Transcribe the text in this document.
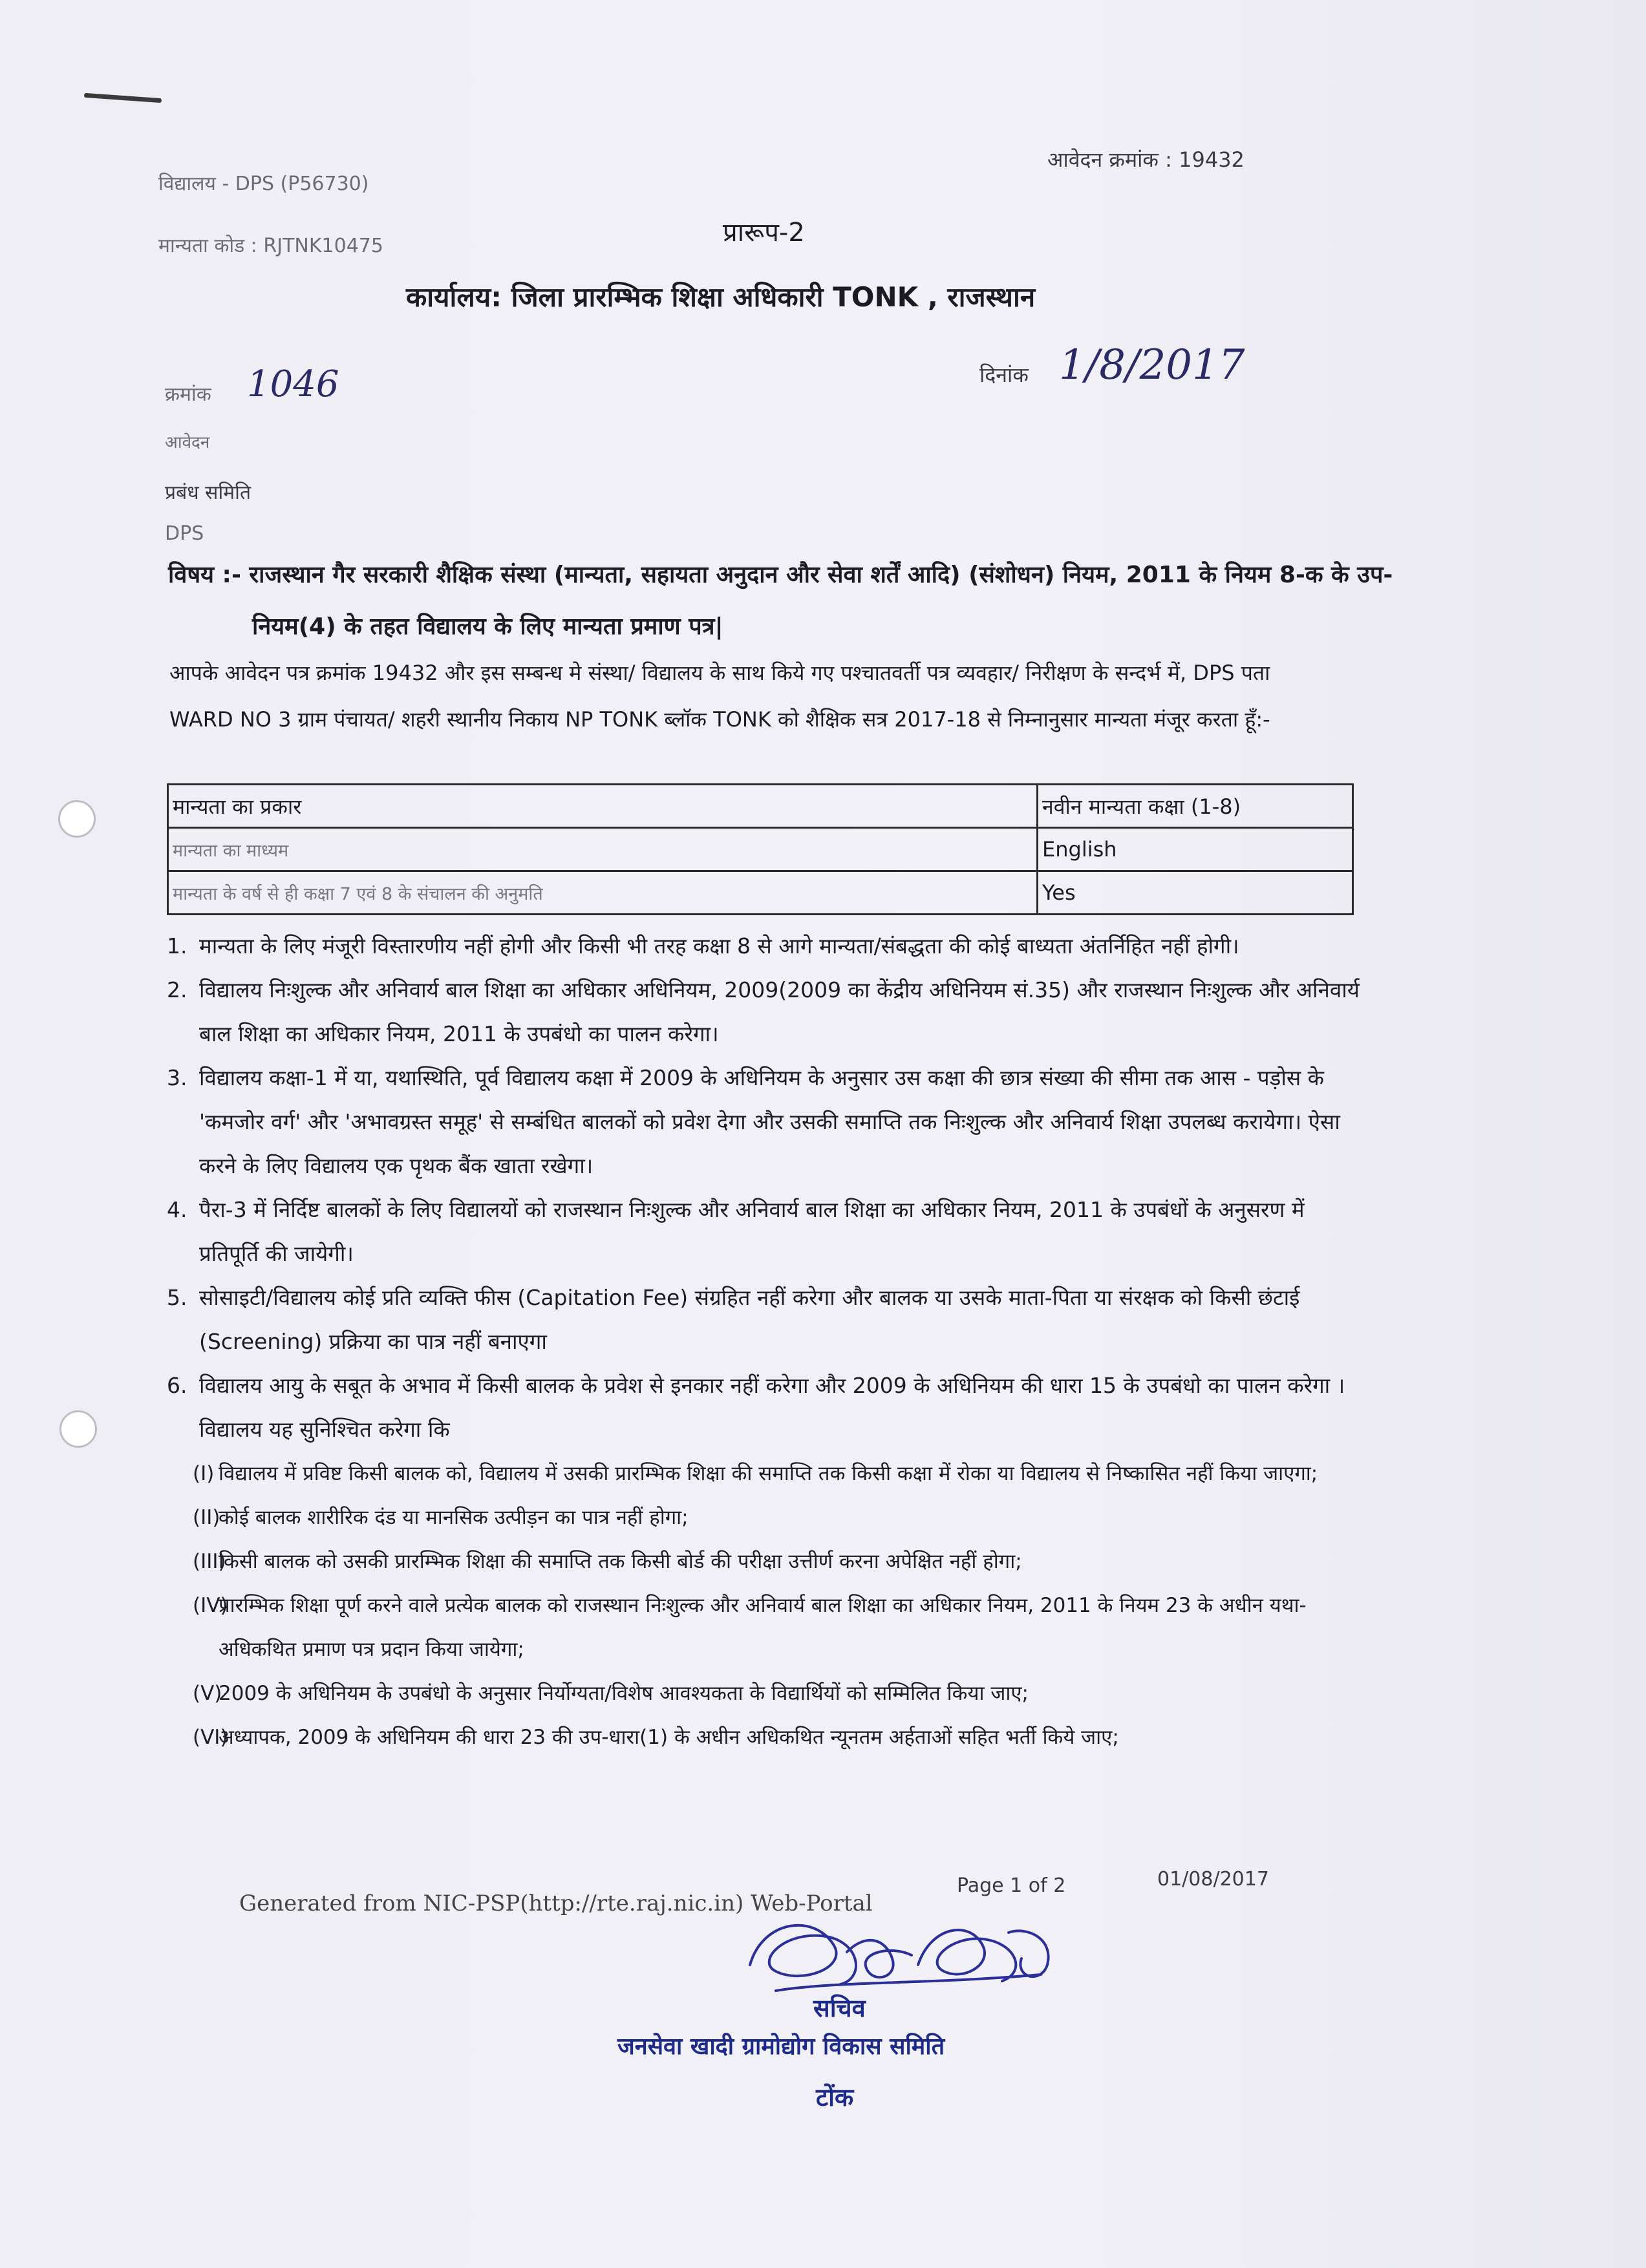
आवेदन क्रमांक : 19432
विद्यालय - DPS (P56730)
मान्यता कोड : RJTNK10475	प्रारूप-2
कार्यालय: जिला प्रारम्भिक शिक्षा अधिकारी TONK , राजस्थान
क्रमांक 1046	दिनांक 1/8/2017
आवेदन
प्रबंध समिति
DPS
विषय :- राजस्थान गैर सरकारी शैक्षिक संस्था (मान्यता, सहायता अनुदान और सेवा शर्तें आदि) (संशोधन) नियम, 2011 के नियम 8-क के उप- नियम(4) के तहत विद्यालय के लिए मान्यता प्रमाण पत्र|
आपके आवेदन पत्र क्रमांक 19432 और इस सम्बन्ध मे संस्था/ विद्यालय के साथ किये गए पश्चातवर्ती पत्र व्यवहार/ निरीक्षण के सन्दर्भ में, DPS पता WARD NO 3 ग्राम पंचायत/ शहरी स्थानीय निकाय NP TONK ब्लॉक TONK को शैक्षिक सत्र 2017-18 से निम्नानुसार मान्यता मंजूर करता हूँ:-
मान्यता का प्रकार	नवीन मान्यता कक्षा (1-8)
मान्यता का माध्यम	English
मान्यता के वर्ष से ही कक्षा 7 एवं 8 के संचालन की अनुमति	Yes
1. मान्यता के लिए मंजूरी विस्तारणीय नहीं होगी और किसी भी तरह कक्षा 8 से आगे मान्यता/संबद्धता की कोई बाध्यता अंतर्निहित नहीं होगी।
2. विद्यालय निःशुल्क और अनिवार्य बाल शिक्षा का अधिकार अधिनियम, 2009(2009 का केंद्रीय अधिनियम सं.35) और राजस्थान निःशुल्क और अनिवार्य बाल शिक्षा का अधिकार नियम, 2011 के उपबंधो का पालन करेगा।
3. विद्यालय कक्षा-1 में या, यथास्थिति, पूर्व विद्यालय कक्षा में 2009 के अधिनियम के अनुसार उस कक्षा की छात्र संख्या की सीमा तक आस - पड़ोस के 'कमजोर वर्ग' और 'अभावग्रस्त समूह' से सम्बंधित बालकों को प्रवेश देगा और उसकी समाप्ति तक निःशुल्क और अनिवार्य शिक्षा उपलब्ध करायेगा। ऐसा करने के लिए विद्यालय एक पृथक बैंक खाता रखेगा।
4. पैरा-3 में निर्दिष्ट बालकों के लिए विद्यालयों को राजस्थान निःशुल्क और अनिवार्य बाल शिक्षा का अधिकार नियम, 2011 के उपबंधों के अनुसरण में प्रतिपूर्ति की जायेगी।
5. सोसाइटी/विद्यालय कोई प्रति व्यक्ति फीस (Capitation Fee) संग्रहित नहीं करेगा और बालक या उसके माता-पिता या संरक्षक को किसी छंटाई (Screening) प्रक्रिया का पात्र नहीं बनाएगा
6. विद्यालय आयु के सबूत के अभाव में किसी बालक के प्रवेश से इनकार नहीं करेगा और 2009 के अधिनियम की धारा 15 के उपबंधो का पालन करेगा ।
विद्यालय यह सुनिश्चित करेगा कि
(I) विद्यालय में प्रविष्ट किसी बालक को, विद्यालय में उसकी प्रारम्भिक शिक्षा की समाप्ति तक किसी कक्षा में रोका या विद्यालय से निष्कासित नहीं किया जाएगा;
(II)
कोई बालक शारीरिक दंड या मानसिक उत्पीड़न का पात्र नहीं होगा;
(III)
किसी बालक को उसकी प्रारम्भिक शिक्षा की समाप्ति तक किसी बोर्ड की परीक्षा उत्तीर्ण करना अपेक्षित नहीं होगा;
(IV)
प्रारम्भिक शिक्षा पूर्ण करने वाले प्रत्येक बालक को राजस्थान निःशुल्क और अनिवार्य बाल शिक्षा का अधिकार नियम, 2011 के नियम 23 के अधीन यथा- अधिकथित प्रमाण पत्र प्रदान किया जायेगा;
(V)
2009 के अधिनियम के उपबंधो के अनुसार निर्योग्यता/विशेष आवश्यकता के विद्यार्थियों को सम्मिलित किया जाए;
(VI)
अध्यापक, 2009 के अधिनियम की धारा 23 की उप-धारा(1) के अधीन अधिकथित न्यूनतम अर्हताओं सहित भर्ती किये जाए;
Generated from NIC-PSP(http://rte.raj.nic.in) Web-Portal
Page 1 of 2	01/08/2017
सचिव
जनसेवा खादी ग्रामोद्योग विकास समिति
टोंक
